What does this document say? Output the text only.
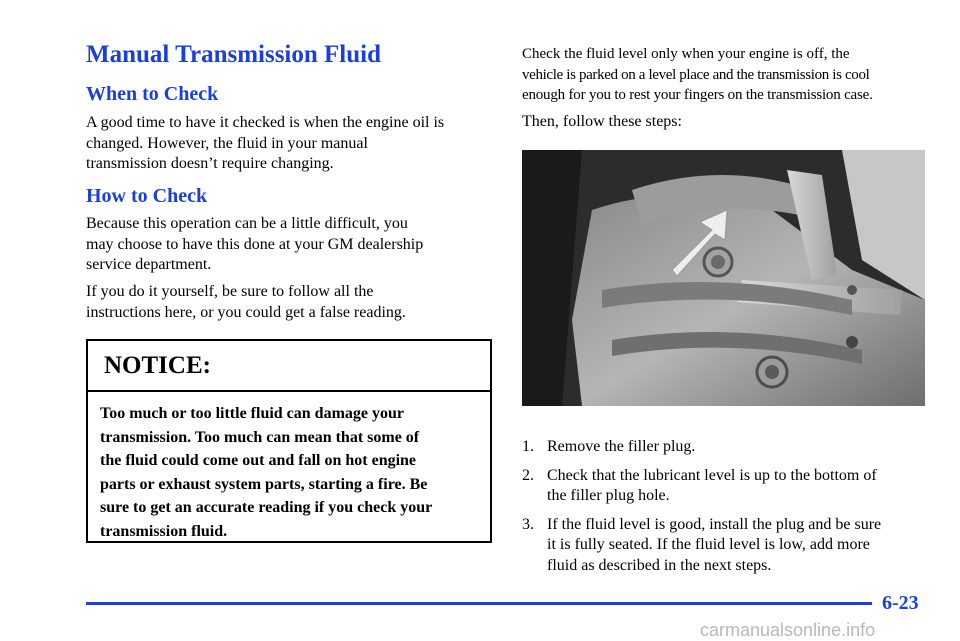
Manual Transmission Fluid
When to Check
A good time to have it checked is when the engine oil is
changed. However, the fluid in your manual
transmission doesn’t require changing.
How to Check
Because this operation can be a little difficult, you
may choose to have this done at your GM dealership
service department.
If you do it yourself, be sure to follow all the
instructions here, or you could get a false reading.
NOTICE:
Too much or too little fluid can damage your
transmission. Too much can mean that some of
the fluid could come out and fall on hot engine
parts or exhaust system parts, starting a fire. Be
sure to get an accurate reading if you check your
transmission fluid.
Check the fluid level only when your engine is off, the
vehicle is parked on a level place and the transmission is cool
enough for you to rest your fingers on the transmission case.
Then, follow these steps:
1. Remove the filler plug.
2. Check that the lubricant level is up to the bottom of
the filler plug hole.
3. If the fluid level is good, install the plug and be sure
it is fully seated. If the fluid level is low, add more
fluid as described in the next steps.
6-23
carmanualsonline.info
